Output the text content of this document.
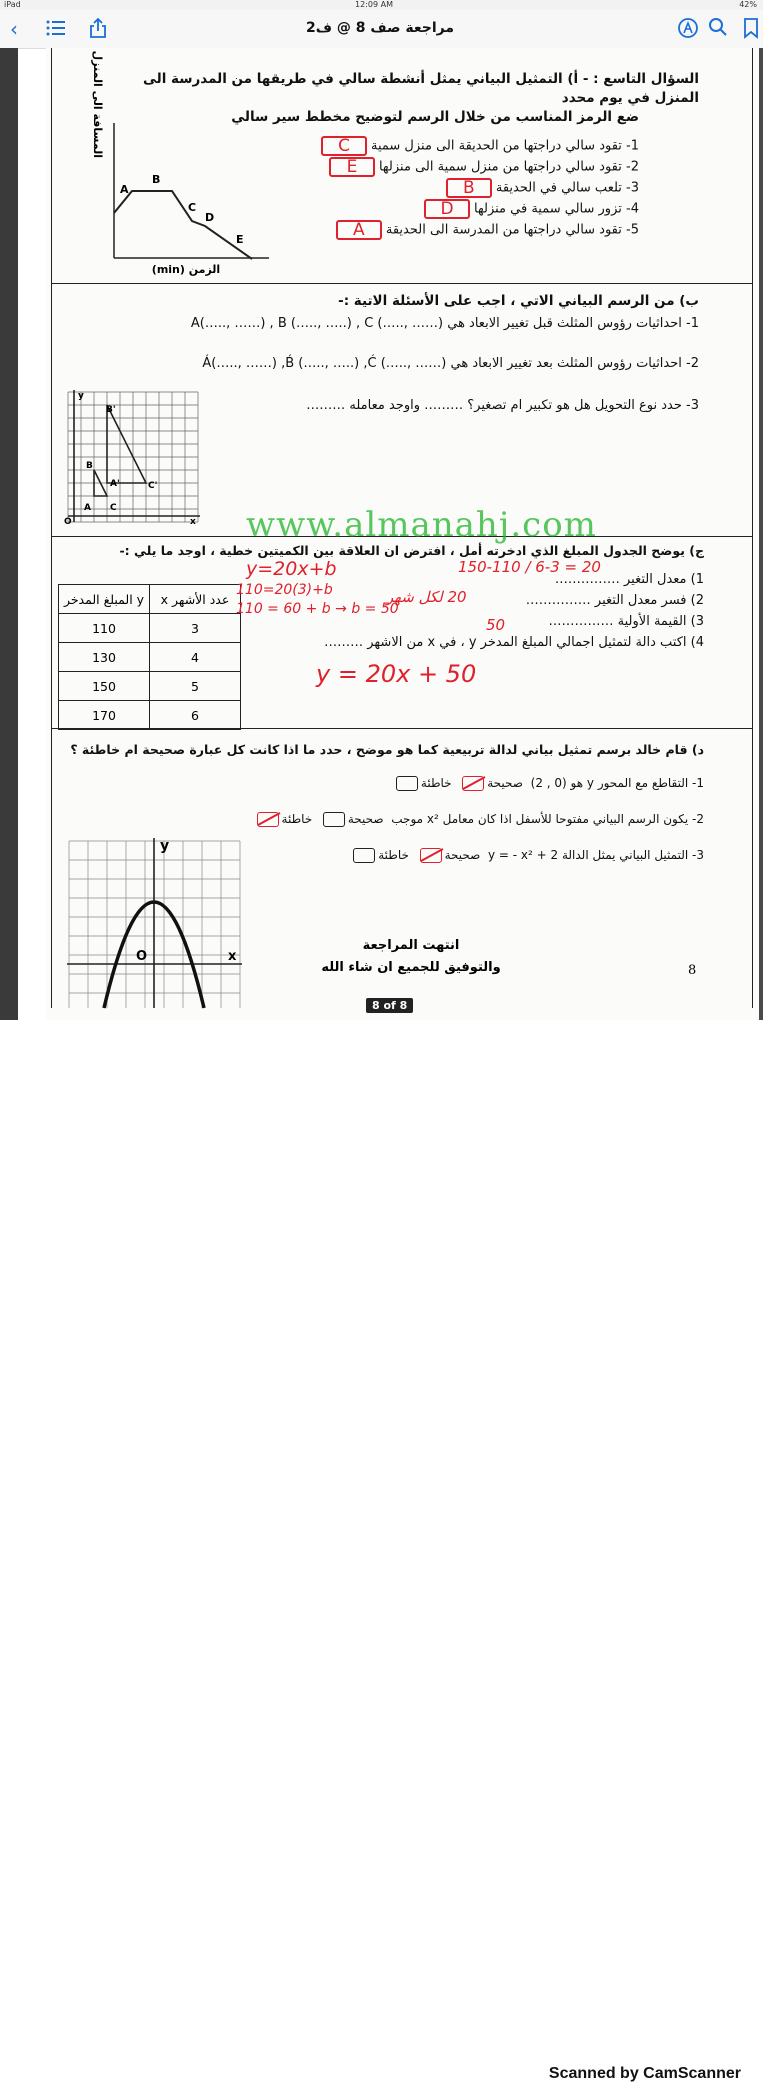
iPad	12:09 AM	42%
‹	مراجعة صف 8 @ ف2
السؤال التاسع : - أ) التمثيل البياني يمثل أنشطة سالي في طريقها من المدرسة الى المنزل في يوم محدد
ضع الرمز المناسب من خلال الرسم لتوضيح مخطط سير سالي
A
B
C
D
E
المسافة الى المنزل
الزمن (min)
1- تقود سالي دراجتها من الحديقة الى منزل سميةC
2- تقود سالي دراجتها من منزل سمية الى منزلهاE
3- تلعب سالي في الحديقةB
4- تزور سالي سمية في منزلهاD
5- تقود سالي دراجتها من المدرسة الى الحديقةA
ب) من الرسم البياني الاتي ، اجب على الأسئلة الاتية :-
1- احداثيات رؤوس المثلث قبل تغيير الابعاد هي A(….., ……) , B (….., …..) , C (….., ……)
2- احداثيات رؤوس المثلث بعد تغيير الابعاد هي Á(….., ……) ,B́ (….., …..) ,Ć (….., ……)
3- حدد نوع التحويل هل هو تكبير ام تصغير؟ ……… واوجد معامله ………
y
B'
B
A'	C'
A C
O	x www.almanahj.com
ج) يوضح الجدول المبلغ الذي ادخرته أمل ، افترض ان العلاقة بين الكميتين خطية ، اوجد ما يلي :-
المبلغ المدخر y	عدد الأشهر x
110	3
130	4
150	5
170	6
1) معدل التغير ……………
2) فسر معدل التغير ……………
3) القيمة الأولية ……………
4) اكتب دالة لتمثيل اجمالي المبلغ المدخر y ، في x من الاشهر ………
y=20x+b
110=20(3)+b
110 = 60 + b → b = 50
150-110 / 6-3 = 20
20 لكل شهر
50
y = 20x + 50
د) قام خالد برسم تمثيل بياني لدالة تربيعية كما هو موضح ، حدد ما اذا كانت كل عبارة صحيحة ام خاطئة ؟
1- التقاطع مع المحور y هو (0 , 2)  صحيحة
خاطئة
2- يكون الرسم البياني مفتوحا للأسفل اذا كان معامل x² موجب  صحيحة  خاطئة
3- التمثيل البياني يمثل الدالة y = - x² + 2  صحيحة
خاطئة
y
O	x
انتهت المراجعة
والتوفيق للجميع ان شاء الله	8
8 of 8
Scanned by CamScanner
